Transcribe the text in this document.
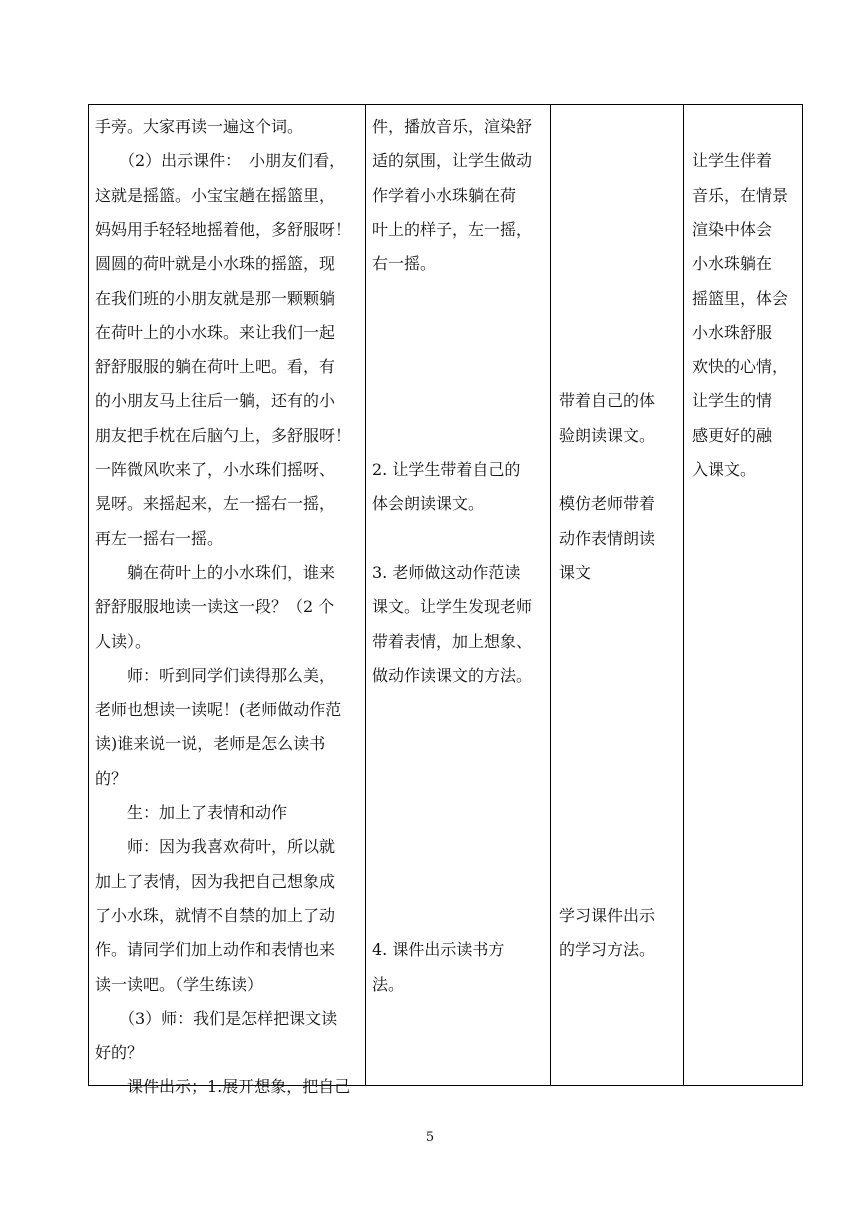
手旁。大家再读一遍这个词。
　　（2）出示课件：　小朋友们看，
这就是摇篮。小宝宝趟在摇篮里，
妈妈用手轻轻地摇着他，多舒服呀！
圆圆的荷叶就是小水珠的摇篮，现
在我们班的小朋友就是那一颗颗躺
在荷叶上的小水珠。来让我们一起
舒舒服服的躺在荷叶上吧。看，有
的小朋友马上往后一躺，还有的小
朋友把手枕在后脑勺上，多舒服呀！
一阵微风吹来了，小水珠们摇呀、
晃呀。来摇起来，左一摇右一摇，
再左一摇右一摇。
　　躺在荷叶上的小水珠们，谁来
舒舒服服地读一读这一段？（2 个
人读）。
　　师：听到同学们读得那么美，
老师也想读一读呢！(老师做动作范
读)谁来说一说，老师是怎么读书
的？
　　生：加上了表情和动作
　　师：因为我喜欢荷叶，所以就
加上了表情，因为我把自己想象成
了小水珠，就情不自禁的加上了动
作。请同学们加上动作和表情也来
读一读吧。（学生练读）
　　（3）师：我们是怎样把课文读
好的？
　　课件出示；1.展开想象，把自己

件，播放音乐，渲染舒
适的氛围，让学生做动
作学着小水珠躺在荷
叶上的样子，左一摇，
右一摇。
2. 让学生带着自己的
体会朗读课文。
3. 老师做这动作范读
课文。让学生发现老师
带着表情，加上想象、
做动作读课文的方法。
4. 课件出示读书方
法。

带着自己的体
验朗读课文。
模仿老师带着
动作表情朗读
课文
学习课件出示
的学习方法。

让学生伴着
音乐，在情景
渲染中体会
小水珠躺在
摇篮里，体会
小水珠舒服
欢快的心情，
让学生的情
感更好的融
入课文。
5
